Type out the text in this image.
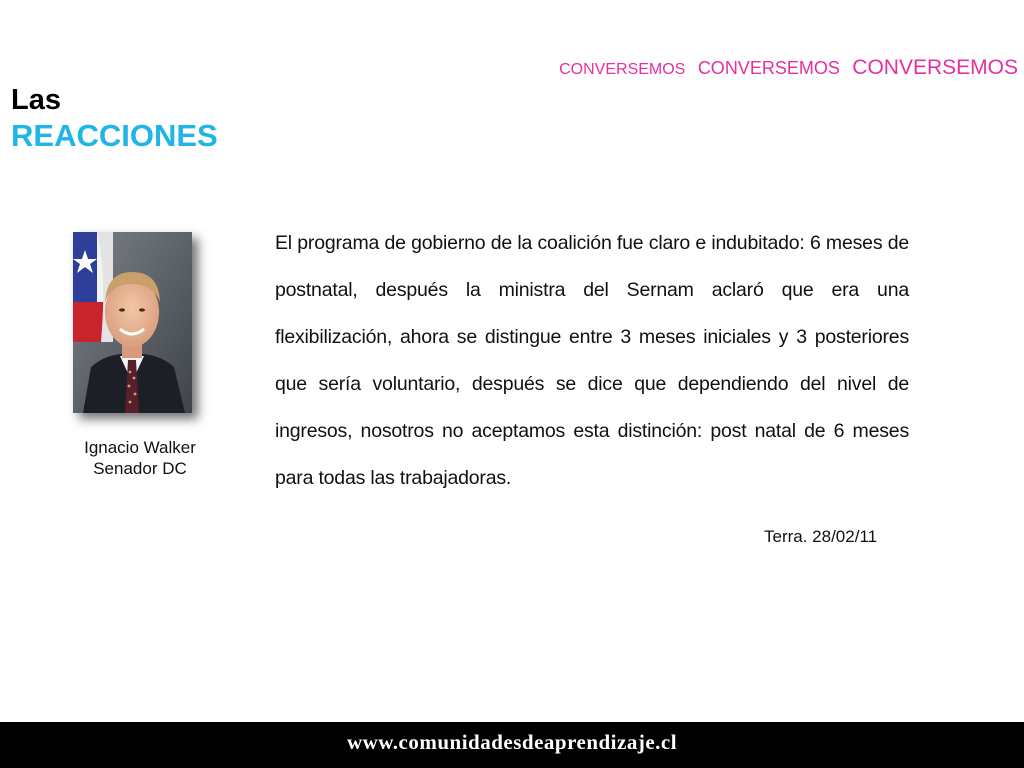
CONVERSEMOS CONVERSEMOS CONVERSEMOS
Las
REACCIONES
Ignacio Walker
Senador DC
El programa de gobierno de la coalición fue claro e indubitado: 6 meses de postnatal, después la ministra del Sernam aclaró que era una flexibilización, ahora se distingue entre 3 meses iniciales y 3 posteriores que sería voluntario, después se dice que dependiendo del nivel de ingresos, nosotros no aceptamos esta distinción: post natal de 6 meses para todas las trabajadoras.
Terra. 28/02/11
www.comunidadesdeaprendizaje.cl
